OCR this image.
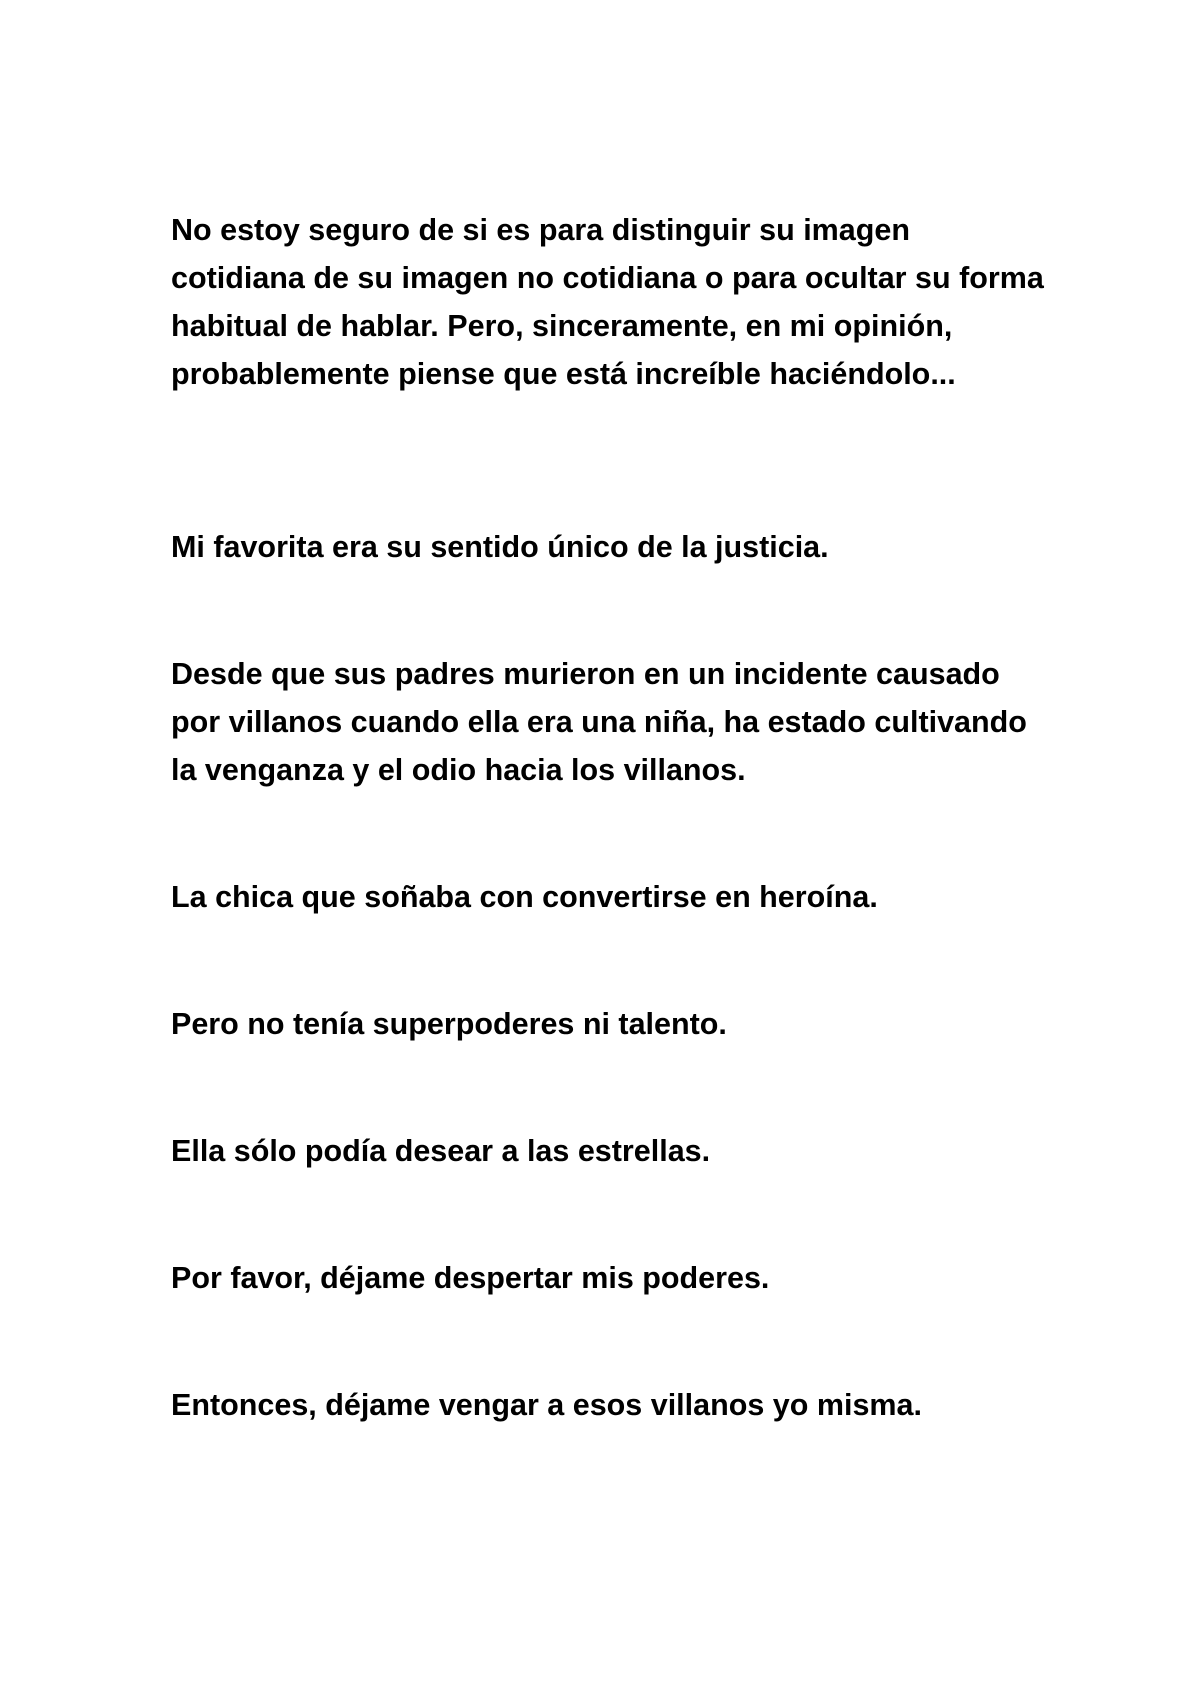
No estoy seguro de si es para distinguir su imagen cotidiana de su imagen no cotidiana o para ocultar su forma habitual de hablar. Pero, sinceramente, en mi opinión, probablemente piense que está increíble haciéndolo...

Mi favorita era su sentido único de la justicia.

Desde que sus padres murieron en un incidente causado por villanos cuando ella era una niña, ha estado cultivando la venganza y el odio hacia los villanos.

La chica que soñaba con convertirse en heroína.

Pero no tenía superpoderes ni talento.

Ella sólo podía desear a las estrellas.

Por favor, déjame despertar mis poderes.

Entonces, déjame vengar a esos villanos yo misma.
